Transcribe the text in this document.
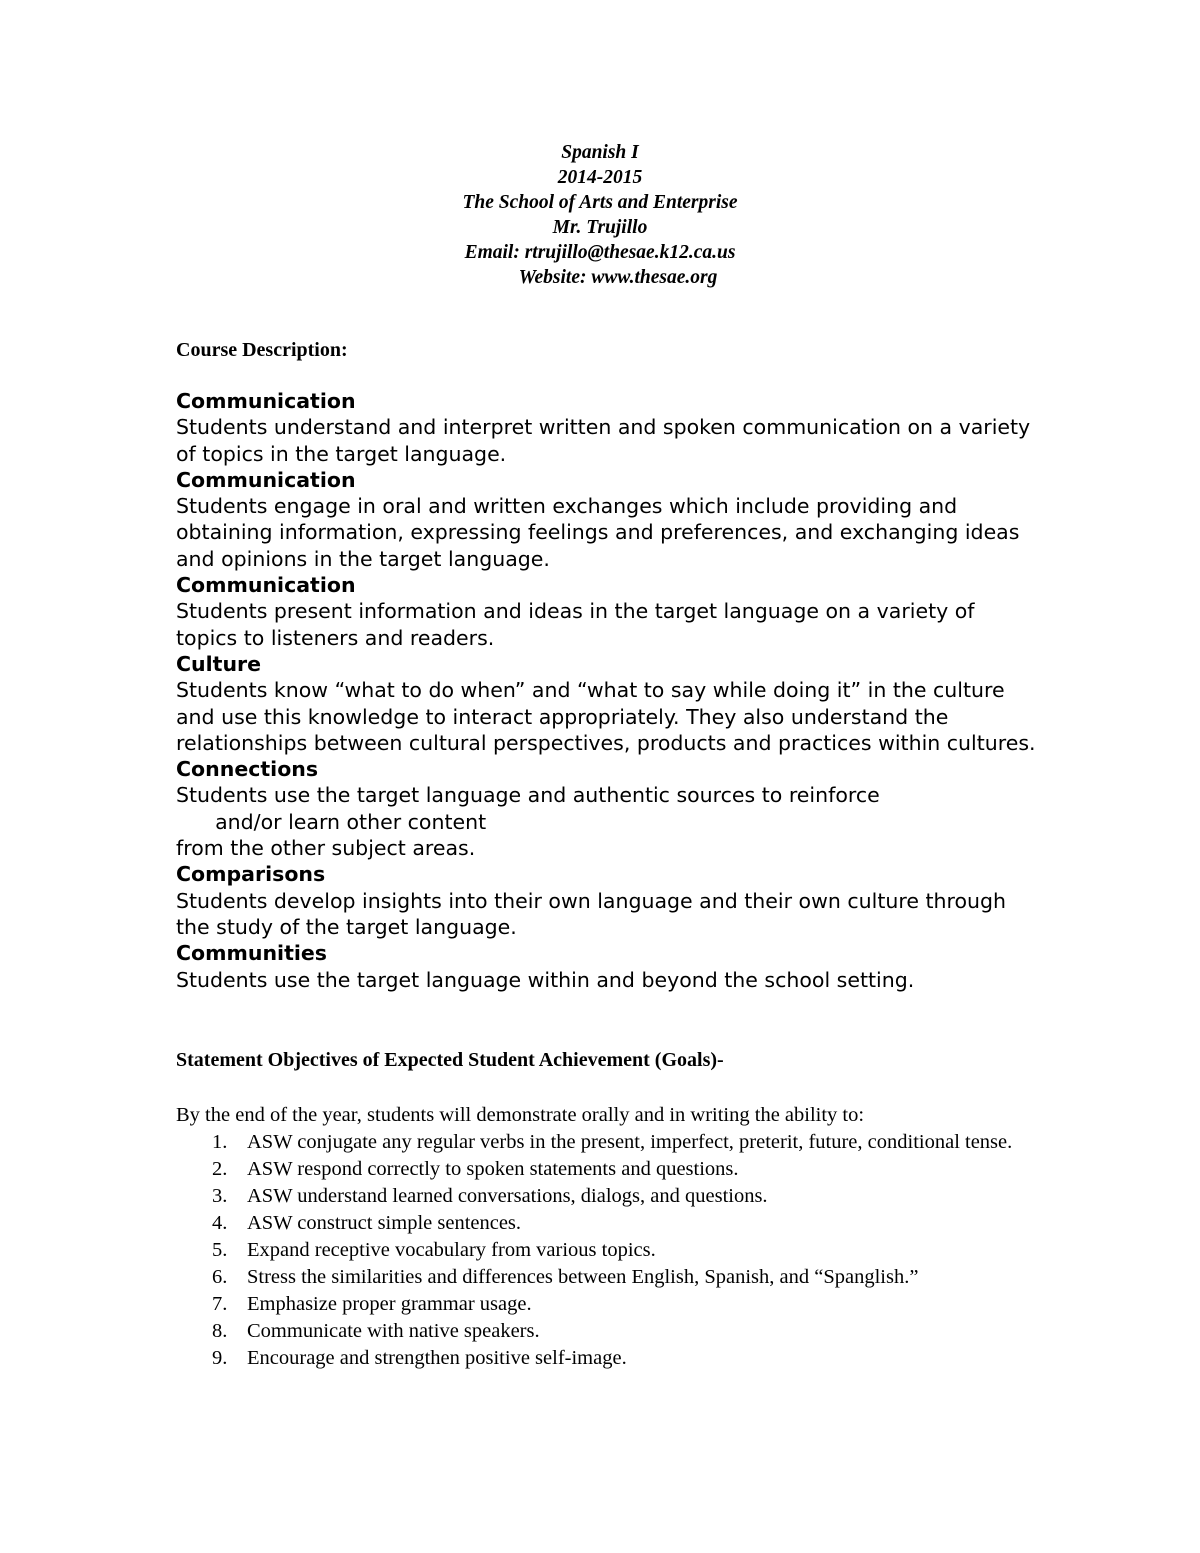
Spanish I
2014-2015
The School of Arts and Enterprise
Mr. Trujillo
Email: rtrujillo@thesae.k12.ca.us
Website: www.thesae.org
Course Description:
Communication
Students understand and interpret written and spoken communication on a variety of topics in the target language.
Communication
Students engage in oral and written exchanges which include providing and obtaining information, expressing feelings and preferences, and exchanging ideas and opinions in the target language.
Communication
Students present information and ideas in the target language on a variety of topics to listeners and readers.
Culture
Students know “what to do when” and “what to say while doing it” in the culture and use this knowledge to interact appropriately. They also understand the relationships between cultural perspectives, products and practices within cultures.
Connections
Students use the target language and authentic sources to reinforce
and/or learn other content
from the other subject areas.
Comparisons
Students develop insights into their own language and their own culture through the study of the target language.
Communities
Students use the target language within and beyond the school setting.
Statement Objectives of Expected Student Achievement (Goals)-
By the end of the year, students will demonstrate orally and in writing the ability to:
1. ASW conjugate any regular verbs in the present, imperfect, preterit, future, conditional tense.
2. ASW respond correctly to spoken statements and questions.
3. ASW understand learned conversations, dialogs, and questions.
4. ASW construct simple sentences.
5. Expand receptive vocabulary from various topics.
6. Stress the similarities and differences between English, Spanish, and “Spanglish.”
7. Emphasize proper grammar usage.
8. Communicate with native speakers.
9. Encourage and strengthen positive self-image.
